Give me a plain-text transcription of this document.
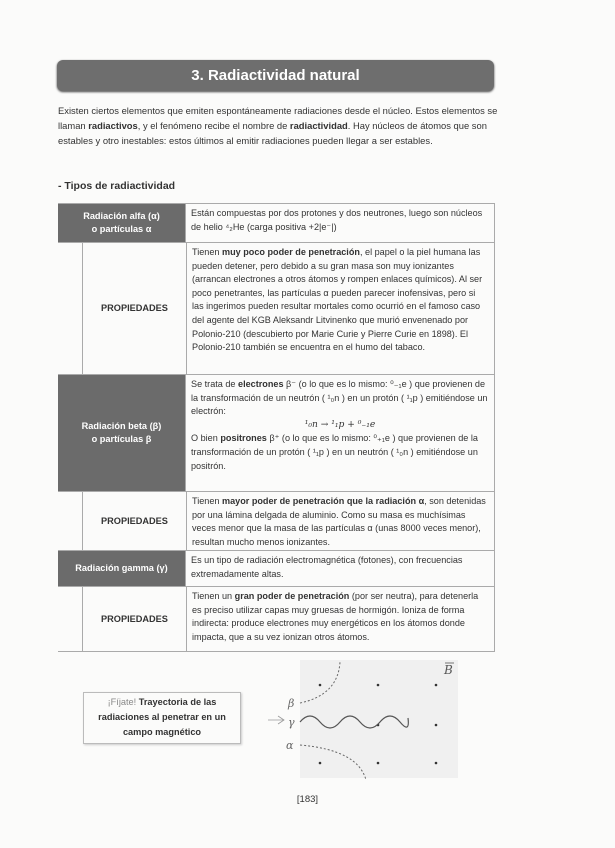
3. Radiactividad natural

Existen ciertos elementos que emiten espontáneamente radiaciones desde el núcleo. Estos elementos se llaman radiactivos, y el fenómeno recibe el nombre de radiactividad. Hay núcleos de átomos que son estables y otro inestables: estos últimos al emitir radiaciones pueden llegar a ser estables.

- Tipos de radiactividad
Radiación alfa (α)
o partículas α
Están compuestas por dos protones y dos neutrones, luego son núcleos de helio ⁴₂He (carga positiva +2|e⁻|)
PROPIEDADES
Tienen muy poco poder de penetración, el papel o la piel humana las pueden detener, pero debido a su gran masa son muy ionizantes (arrancan electrones a otros átomos y rompen enlaces químicos). Al ser poco penetrantes, las partículas α pueden parecer inofensivas, pero si las ingerimos pueden resultar mortales como ocurrió en el famoso caso del agente del KGB Aleksandr Litvinenko que murió envenenado por Polonio-210 (descubierto por Marie Curie y Pierre Curie en 1898). El Polonio-210 también se encuentra en el humo del tabaco.
Radiación beta (β)
o partículas β
Se trata de electrones β⁻ (o lo que es lo mismo: ⁰₋₁e ) que provienen de la transformación de un neutrón ( ¹₀n ) en un protón ( ¹₁p ) emitiéndose un electrón:
¹₀n → ¹₁p + ⁰₋₁e
O bien positrones β⁺ (o lo que es lo mismo: ⁰₊₁e ) que provienen de la transformación de un protón ( ¹₁p ) en un neutrón ( ¹₀n ) emitiéndose un positrón.
PROPIEDADES
Tienen mayor poder de penetración que la radiación α, son detenidas por una lámina delgada de aluminio. Como su masa es muchísimas veces menor que la masa de las partículas α (unas 8000 veces menor), resultan mucho menos ionizantes.
Radiación gamma (γ)
Es un tipo de radiación electromagnética (fotones), con frecuencias extremadamente altas.
PROPIEDADES
Tienen un gran poder de penetración (por ser neutra), para detenerla es preciso utilizar capas muy gruesas de hormigón. Ioniza de forma indirecta: produce electrones muy energéticos en los átomos donde impacta, que a su vez ionizan otros átomos.
¡Fíjate! Trayectoria de las radiaciones al penetrar en un campo magnético
β
γ
α
B
[183]
